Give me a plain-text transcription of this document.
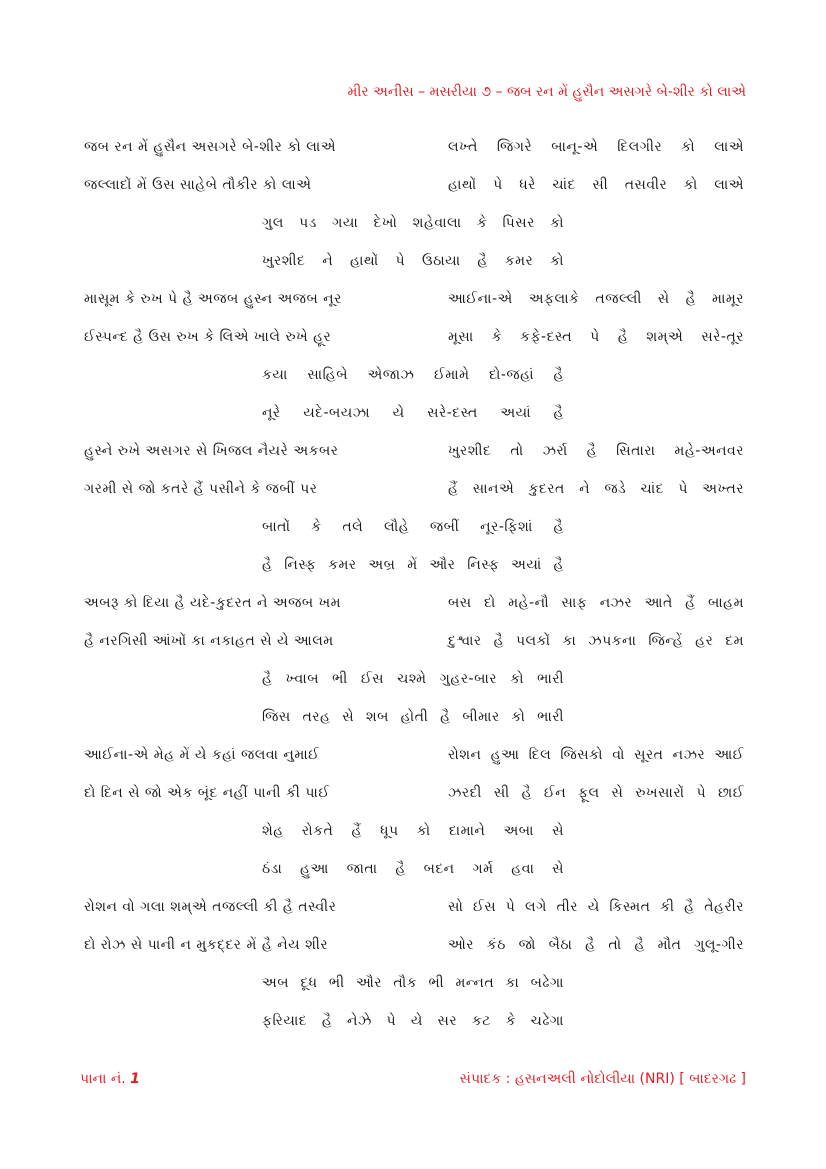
મીર અનીસ – મસરીયા ૭ – જબ રન મેં હુસૈન અસગરે બે-શીર કો લાએ
જબ રન મેં હુસૈન અસગરે બે-શીર કો લાએ	લખ્તે જિગરે બાનૂ-એ દિલગીર કો લાએ
જલ્લાદોં મેં ઉસ સાહેબે તૌકીર કો લાએ	હાથોં પે ધરે ચાંદ સી તસવીર કો લાએ
ગુલ પડ ગયા દેખો શહેવાલા કે પિસર કો
ખુરશીદ ને હાથોં પે ઉઠાયા હૈ કમર કો
માસૂમ કે રુખ પે હૈ અજબ હુસ્ન અજબ નૂર	આઈના-એ અફલાકે તજલ્લી સે હૈ મામૂર
ઈસ્પન્દ હૈ ઉસ રુખ કે લિએ ખાલે રુખે હૂર	મૂસા કે કફે-દસ્ત પે હૈ શમ્એ સરે-તૂર
કયા સાહિબે એજાઝ ઈમામે દો-જહાં હૈ
નૂરે યદે-બયઝા યે સરે-દસ્ત અયાં હૈ
હુસ્ને રુખે અસગર સે ખિજલ નૈયરે અકબર	ખુરશીદ તો ઝર્રા હૈ સિતારા મહે-અનવર
ગરમી સે જો કતરે હૈં પસીને કે જબીં પર	હૈં સાનએ કુદરત ને જડે ચાંદ પે અખ્તર
બાતોં કે તલે લૌહે જબીં નૂર-ફિશાં હૈ
હૈ નિસ્ફ કમર અબ્ર મેં ઔર નિસ્ફ અયાં હૈ
અબરૂ કો દિયા હૈ યદે-કુદરત ને અજબ ખમ	બસ દો મહે-નૌ સાફ નઝર આતે હૈં બાહમ
હૈ નરગિસી આંખોં કા નકાહત સે યે આલમ	દુશ્વાર હૈ પલકોં કા ઝપકના જિન્હેં હર દમ
હૈ ખ્વાબ ભી ઈસ ચશ્મે ગુહર-બાર કો ભારી
જિસ તરહ સે શબ હોતી હૈ બીમાર કો ભારી
આઈના-એ મેહ મેં યે કહાં જલવા નુમાઈ	રોશન હુઆ દિલ જિસકો વો સૂરત નઝર આઈ
દો દિન સે જો એક બૂંદ નહીં પાની કી પાઈ	ઝરદી સી હૈ ઈન ફૂલ સે રુખસારોં પે છાઈ
શેહ રોકતે હૈં ધૂપ કો દામાને અબા સે
ઠંડા હુઆ જાતા હૈ બદન ગર્મ હવા સે
રોશન વો ગલા શમ્એ તજલ્લી કી હૈ તસ્વીર	સો ઈસ પે લગે તીર યે કિસ્મત કી હૈ તેહરીર
દો રોઝ સે પાની ન મુકદ્દર મેં હૈ નેય શીર	ઓર કંઠ જો બૈઠા હૈ તો હૈ મૌત ગુલૂ-ગીર
અબ દૂધ ભી ઔર તૌક ભી મન્નત કા બઢેગા
ફરિયાદ હૈ નેઝે પે યે સર કટ કે ચઢેગા
પાના નં. 1	સંપાદક : હસનઅલી નોદોલીયા (NRI) [ બાદરગઢ ]
